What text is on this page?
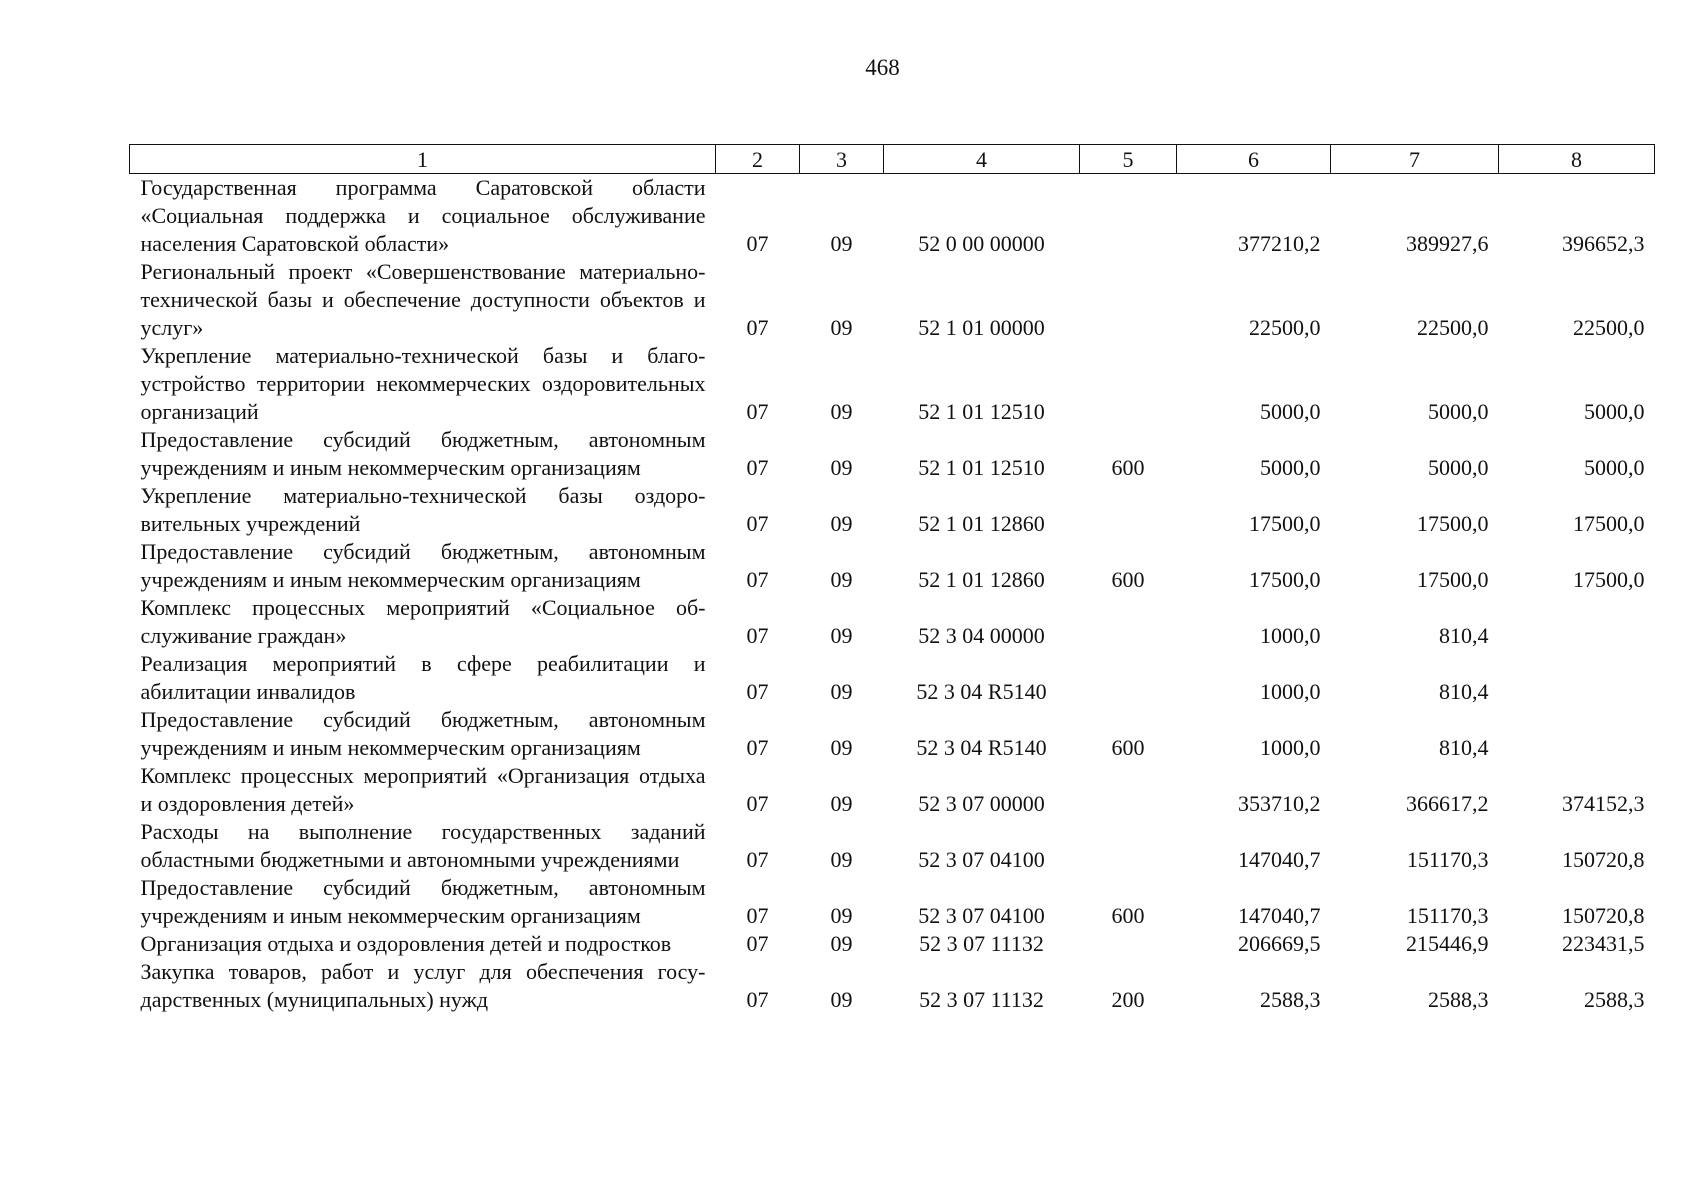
468
1	2	3	4	5	6	7	8
Государственная программа Саратовской области «Социальная поддержка и социальное обслуживание населения Саратовской области»	07	09	52 0 00 00000		377210,2	389927,6	396652,3
Региональный проект «Совершенствование материально-технической базы и обеспечение доступности объектов и услуг»	07	09	52 1 01 00000		22500,0	22500,0	22500,0
Укрепление материально-технической базы и благоустройство территории некоммерческих оздоровительных организаций	07	09	52 1 01 12510		5000,0	5000,0	5000,0
Предоставление субсидий бюджетным, автономным учреждениям и иным некоммерческим организациям	07	09	52 1 01 12510	600	5000,0	5000,0	5000,0
Укрепление материально-технической базы оздоровительных учреждений	07	09	52 1 01 12860		17500,0	17500,0	17500,0
Предоставление субсидий бюджетным, автономным учреждениям и иным некоммерческим организациям	07	09	52 1 01 12860	600	17500,0	17500,0	17500,0
Комплекс процессных мероприятий «Социальное обслуживание граждан»	07	09	52 3 04 00000		1000,0	810,4	
Реализация мероприятий в сфере реабилитации и абилитации инвалидов	07	09	52 3 04 R5140		1000,0	810,4	
Предоставление субсидий бюджетным, автономным учреждениям и иным некоммерческим организациям	07	09	52 3 04 R5140	600	1000,0	810,4	
Комплекс процессных мероприятий «Организация отдыха и оздоровления детей»	07	09	52 3 07 00000		353710,2	366617,2	374152,3
Расходы на выполнение государственных заданий областными бюджетными и автономными учреждениями	07	09	52 3 07 04100		147040,7	151170,3	150720,8
Предоставление субсидий бюджетным, автономным учреждениям и иным некоммерческим организациям	07	09	52 3 07 04100	600	147040,7	151170,3	150720,8
Организация отдыха и оздоровления детей и подростков	07	09	52 3 07 11132		206669,5	215446,9	223431,5
Закупка товаров, работ и услуг для обеспечения государственных (муниципальных) нужд	07	09	52 3 07 11132	200	2588,3	2588,3	2588,3
